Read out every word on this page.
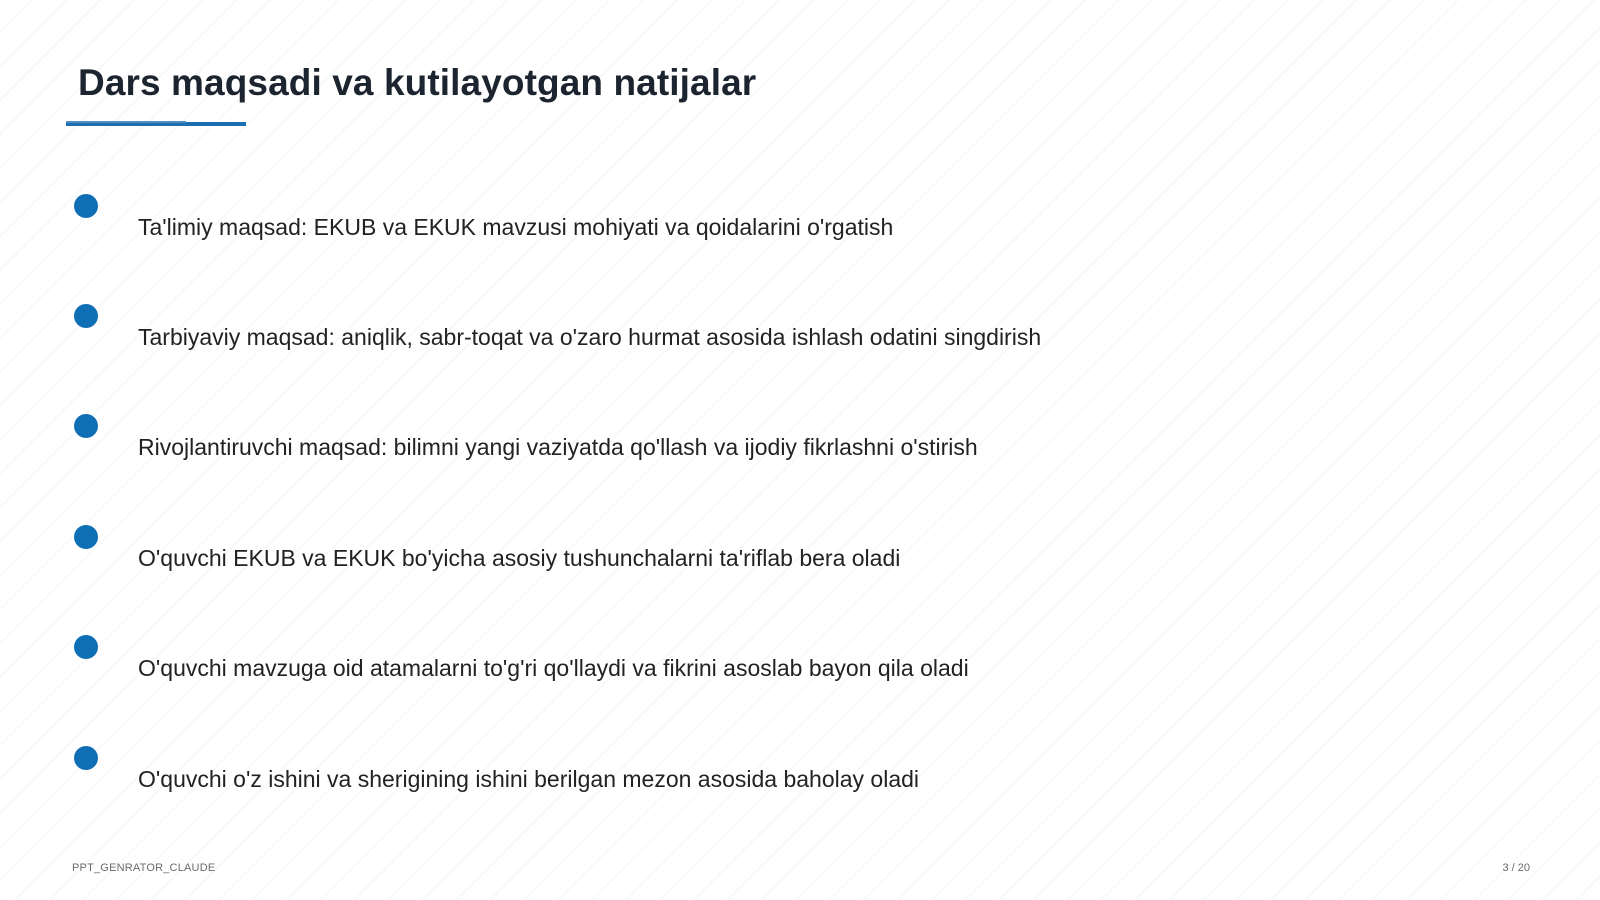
Dars maqsadi va kutilayotgan natijalar
Ta'limiy maqsad: EKUB va EKUK mavzusi mohiyati va qoidalarini o'rgatish
Tarbiyaviy maqsad: aniqlik, sabr-toqat va o'zaro hurmat asosida ishlash odatini singdirish
Rivojlantiruvchi maqsad: bilimni yangi vaziyatda qo'llash va ijodiy fikrlashni o'stirish
O'quvchi EKUB va EKUK bo'yicha asosiy tushunchalarni ta'riflab bera oladi
O'quvchi mavzuga oid atamalarni to'g'ri qo'llaydi va fikrini asoslab bayon qila oladi
O'quvchi o'z ishini va sherigining ishini berilgan mezon asosida baholay oladi
PPT_GENRATOR_CLAUDE	3 / 20
